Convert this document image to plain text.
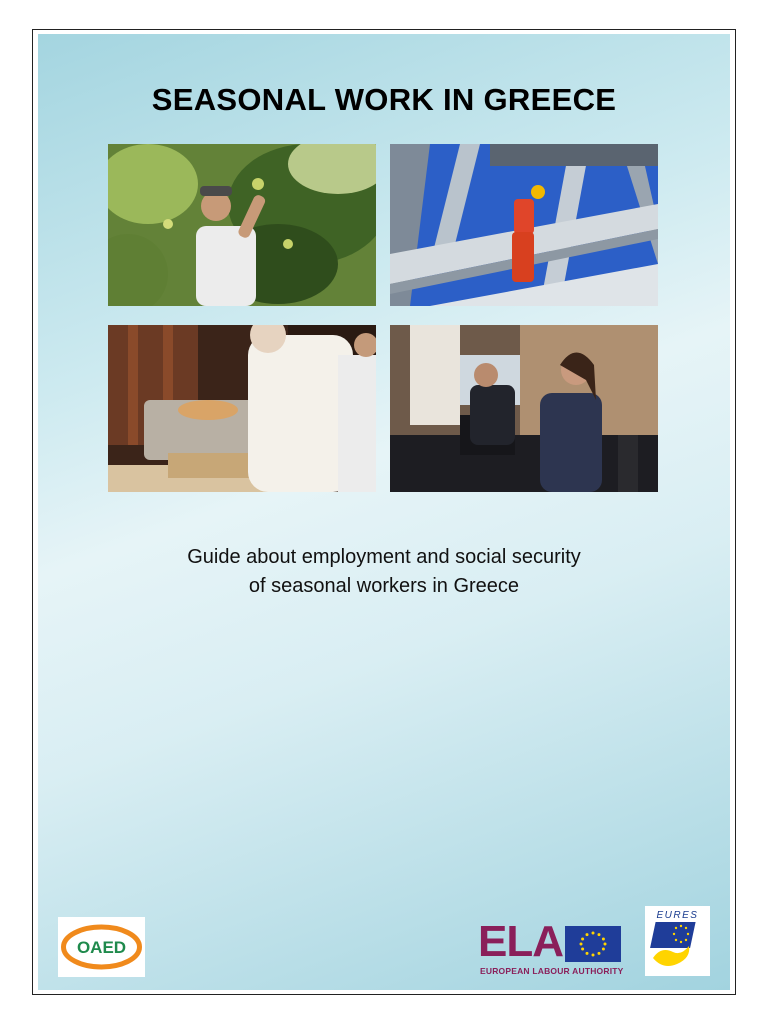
SEASONAL WORK IN GREECE
Guide about employment and social security
of seasonal workers in Greece
OAED	ELA
EUROPEAN LABOUR AUTHORITY
EURES
